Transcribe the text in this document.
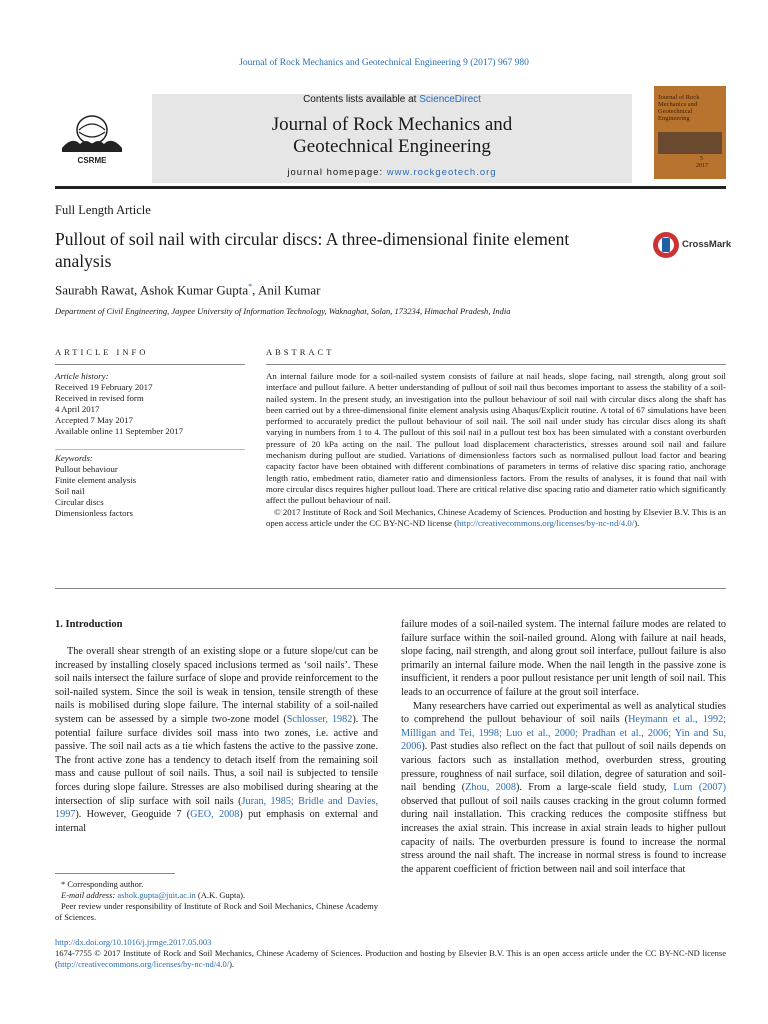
Journal of Rock Mechanics and Geotechnical Engineering 9 (2017) 967 980
CSRME
Contents lists available at ScienceDirect
Journal of Rock Mechanics and
Geotechnical Engineering
journal homepage: www.rockgeotech.org
Journal of Rock Mechanics and Geotechnical Engineering
5
2017
Full Length Article
Pullout of soil nail with circular discs: A three-dimensional finite element analysis
CrossMark
Saurabh Rawat, Ashok Kumar Gupta*, Anil Kumar
Department of Civil Engineering, Jaypee University of Information Technology, Waknaghat, Solan, 173234, Himachal Pradesh, India
ARTICLE INFO	ABSTRACT

Article history:

Received 19 February 2017

Received in revised form

4 April 2017

Accepted 7 May 2017

Available online 11 September 2017

Keywords:

Pullout behaviour

Finite element analysis

Soil nail

Circular discs

Dimensionless factors

An internal failure mode for a soil-nailed system consists of failure at nail heads, slope facing, nail strength, along grout soil interface and pullout failure. A better understanding of pullout of soil nail thus becomes important to assess the stability of a soil-nailed system. In the present study, an investigation into the pullout behaviour of soil nail with circular discs along the shaft has been carried out by a three-dimensional finite element analysis using Abaqus/Explicit routine. A total of 67 simulations have been performed to accurately predict the pullout behaviour of soil nail. The soil nail under study has circular discs along its shaft varying in numbers from 1 to 4. The pullout of this soil nail in a pullout test box has been simulated with a constant overburden pressure of 20 kPa acting on the nail. The pullout load displacement characteristics, stresses around soil nail and failure mechanism during pullout are studied. Variations of dimensionless factors such as normalised pullout load factor and bearing capacity factor have been obtained with different combinations of parameters in terms of relative disc spacing ratio, anchorage length ratio, embedment ratio, diameter ratio and dimensionless factors. From the results of analyses, it is found that nail with more circular discs requires higher pullout load. There are critical relative disc spacing ratio and diameter ratio which significantly affect the pullout behaviour of nail.
© 2017 Institute of Rock and Soil Mechanics, Chinese Academy of Sciences. Production and hosting by Elsevier B.V. This is an open access article under the CC BY-NC-ND license (http://creativecommons.org/licenses/by-nc-nd/4.0/).
1. Introduction

The overall shear strength of an existing slope or a future slope/cut can be increased by installing closely spaced inclusions termed as ‘soil nails’. These soil nails intersect the failure surface of slope and provide reinforcement to the soil-nailed system. Since the soil is weak in tension, tensile strength of these nails is mobilised during slope failure. The internal stability of a soil-nailed system can be assessed by a simple two-zone model (Schlosser, 1982). The potential failure surface divides soil mass into two zones, i.e. active and passive. The soil nail acts as a tie which fastens the active to the passive zone. The front active zone has a tendency to detach itself from the remaining soil mass and cause pullout of soil nails. Thus, a soil nail is subjected to tensile forces during slope failure. Stresses are also mobilised during shearing at the intersection of slip surface with soil nails (Juran, 1985; Bridle and Davies, 1997). However, Geoguide 7 (GEO, 2008) put emphasis on external and internal

failure modes of a soil-nailed system. The internal failure modes are related to failure surface within the soil-nailed ground. Along with failure at nail heads, slope facing, nail strength, and along grout soil interface, pullout failure is also primarily an internal failure mode. When the nail length in the passive zone is insufficient, it renders a poor pullout resistance per unit length of soil nail. This leads to an occurrence of failure at the grout soil interface.

Many researchers have carried out experimental as well as analytical studies to comprehend the pullout behaviour of soil nails (Heymann et al., 1992; Milligan and Tei, 1998; Luo et al., 2000; Pradhan et al., 2006; Yin and Su, 2006). Past studies also reflect on the fact that pullout of soil nails depends on various factors such as installation method, overburden stress, grouting pressure, roughness of nail surface, soil dilation, degree of saturation and soil-nail bending (Zhou, 2008). From a large-scale field study, Lum (2007) observed that pullout of soil nails causes cracking in the grout column formed during nail installation. This cracking reduces the composite stiffness but increases the axial strain. This increase in axial strain leads to higher pullout capacity of nails. The overburden pressure is found to increase the normal stress around the nail shaft. The increase in normal stress is found to increase the apparent coefficient of friction between nail and soil interface that

* Corresponding author.
E-mail address: ashok.gupta@juit.ac.in (A.K. Gupta).
Peer review under responsibility of Institute of Rock and Soil Mechanics, Chinese Academy of Sciences.
http://dx.doi.org/10.1016/j.jrmge.2017.05.003
1674-7755 © 2017 Institute of Rock and Soil Mechanics, Chinese Academy of Sciences. Production and hosting by Elsevier B.V. This is an open access article under the CC BY-NC-ND license (http://creativecommons.org/licenses/by-nc-nd/4.0/).
